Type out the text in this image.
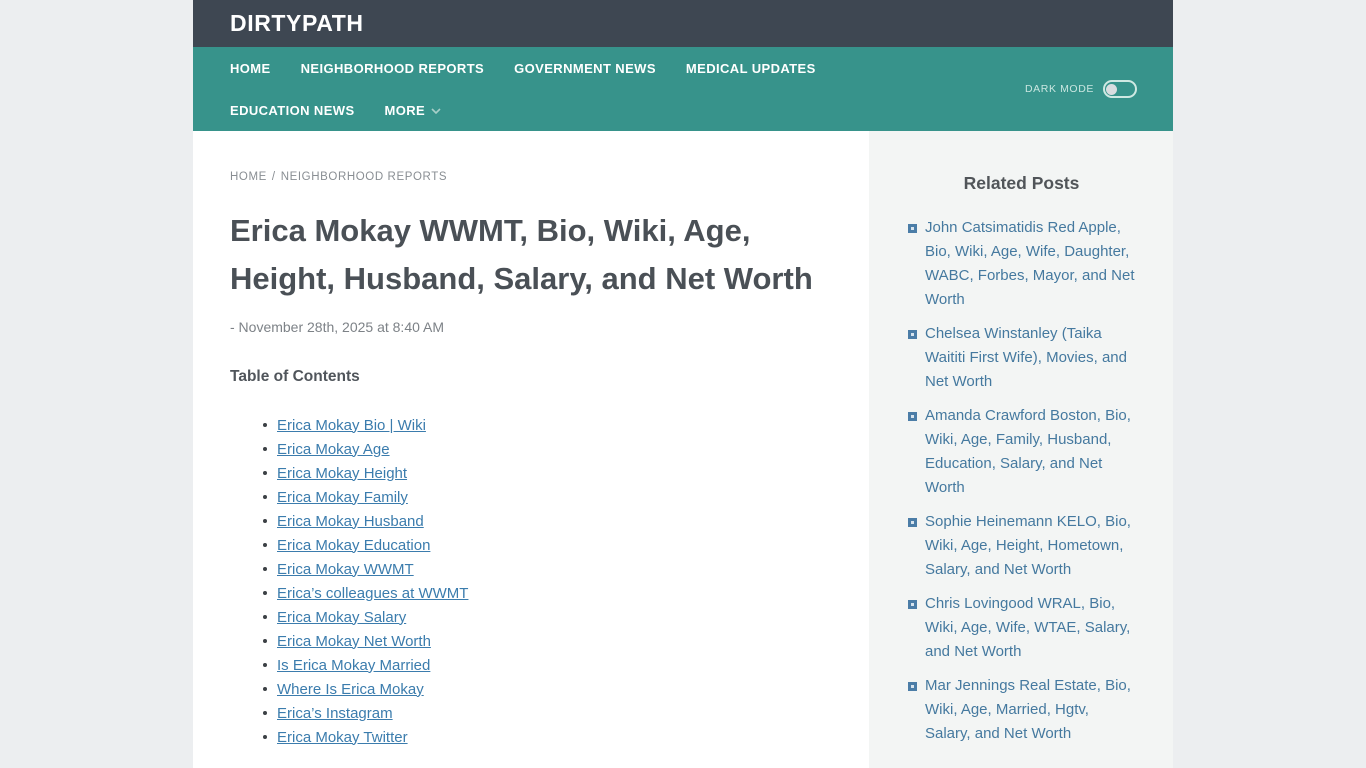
DIRTYPATH
HOME NEIGHBORHOOD REPORTS GOVERNMENT NEWS MEDICAL UPDATES
EDUCATION NEWS MORE
DARK MODE
HOME / NEIGHBORHOOD REPORTS
Erica Mokay WWMT, Bio, Wiki, Age, Height, Husband, Salary, and Net Worth
- November 28th, 2025 at 8:40 AM
Table of Contents
Erica Mokay Bio | Wiki
Erica Mokay Age
Erica Mokay Height
Erica Mokay Family
Erica Mokay Husband
Erica Mokay Education
Erica Mokay WWMT
Erica’s colleagues at WWMT
Erica Mokay Salary
Erica Mokay Net Worth
Is Erica Mokay Married
Where Is Erica Mokay
Erica’s Instagram
Erica Mokay Twitter
Related Posts
John Catsimatidis Red Apple, Bio, Wiki, Age, Wife, Daughter, WABC, Forbes, Mayor, and Net Worth
Chelsea Winstanley (Taika Waititi First Wife), Movies, and Net Worth
Amanda Crawford Boston, Bio, Wiki, Age, Family, Husband, Education, Salary, and Net Worth
Sophie Heinemann KELO, Bio, Wiki, Age, Height, Hometown, Salary, and Net Worth
Chris Lovingood WRAL, Bio, Wiki, Age, Wife, WTAE, Salary, and Net Worth
Mar Jennings Real Estate, Bio, Wiki, Age, Married, Hgtv, Salary, and Net Worth
